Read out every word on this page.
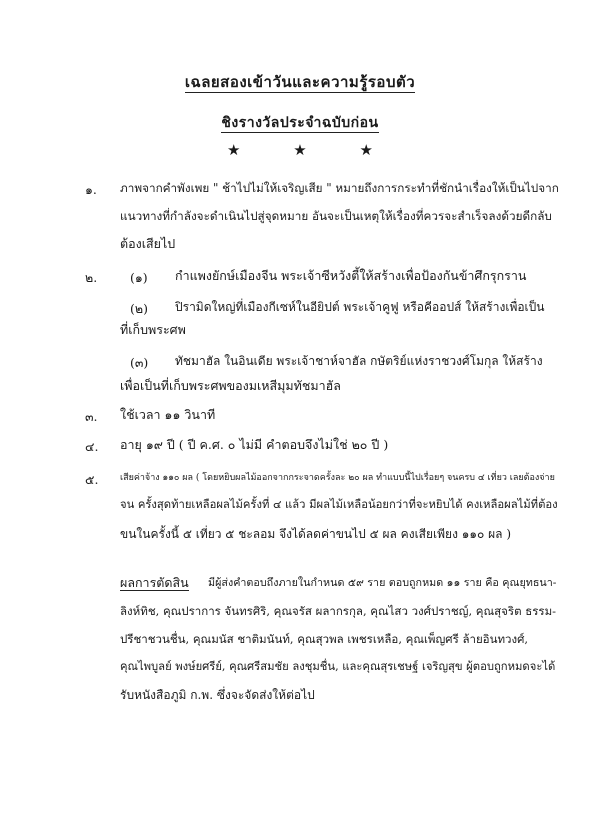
เฉลยสองเข้าวันและความรู้รอบตัว
ชิงรางวัลประจำฉบับก่อน
★ ★ ★
๑. ภาพจากคำพังเพย " ช้าไปไม่ให้เจริญเสีย " หมายถึงการกระทำที่ชักนำเรื่องให้เป็นไปจาก
แนวทางที่กำลังจะดำเนินไปสู่จุดหมาย อันจะเป็นเหตุให้เรื่องที่ควรจะสำเร็จลงด้วยดีกลับ
ต้องเสียไป
๒.	(๑) กำแพงยักษ์เมืองจีน พระเจ้าซีหวังตี้ให้สร้างเพื่อป้องกันข้าศึกรุกราน
(๒) ปิรามิดใหญ่ที่เมืองกีเซห์ในอียิปต์ พระเจ้าคูฟู หรือคีออปส์ ให้สร้างเพื่อเป็น
ที่เก็บพระศพ
(๓) ทัชมาฮัล ในอินเดีย พระเจ้าชาห์จาฮัล กษัตริย์แห่งราชวงศ์โมกุล ให้สร้าง
เพื่อเป็นที่เก็บพระศพของมเหสีมุมทัชมาฮัล
๓. ใช้เวลา ๑๑ วินาที
๔. อายุ ๑๙ ปี ( ปี ค.ศ. ๐ ไม่มี คำตอบจึงไม่ใช่ ๒๐ ปี )
๕. เสียค่าจ้าง ๑๑๐ ผล ( โดยหยิบผลไม้ออกจากกระจาดครั้งละ ๒๐ ผล ทำแบบนี้ไปเรื่อยๆ จนครบ ๔ เที่ยว เลยต้องจ่าย
จน ครั้งสุดท้ายเหลือผลไม้ครั้งที่ ๔ แล้ว มีผลไม้เหลือน้อยกว่าที่จะหยิบได้ คงเหลือผลไม้ที่ต้อง
ขนในครั้งนี้ ๕ เที่ยว ๕ ชะลอม จึงได้ลดค่าขนไป ๕ ผล คงเสียเพียง ๑๑๐ ผล )
ผลการตัดสิน มีผู้ส่งคำตอบถึงภายในกำหนด ๕๙ ราย ตอบถูกหมด ๑๑ ราย คือ คุณยุทธนา-
ลิงห์ทิช, คุณปราการ จันทรศิริ, คุณจรัส ผลากรกุล, คุณไสว วงศ์ปราชญ์, คุณสุจริต ธรรม-
ปรีชาชวนชื่น, คุณมนัส ชาติมนันท์, คุณสุวพล เพชรเหลือ, คุณเพ็ญศรี ล้ายอินทวงศ์,
คุณไพบูลย์ พงษ์ยศรีย์, คุณศรีสมชัย ลงชุมชื่น, และคุณสุรเชษฐ์ เจริญสุข ผู้ตอบถูกหมดจะได้
รับหนังสือภูมิ ก.พ. ซึ่งจะจัดส่งให้ต่อไป
